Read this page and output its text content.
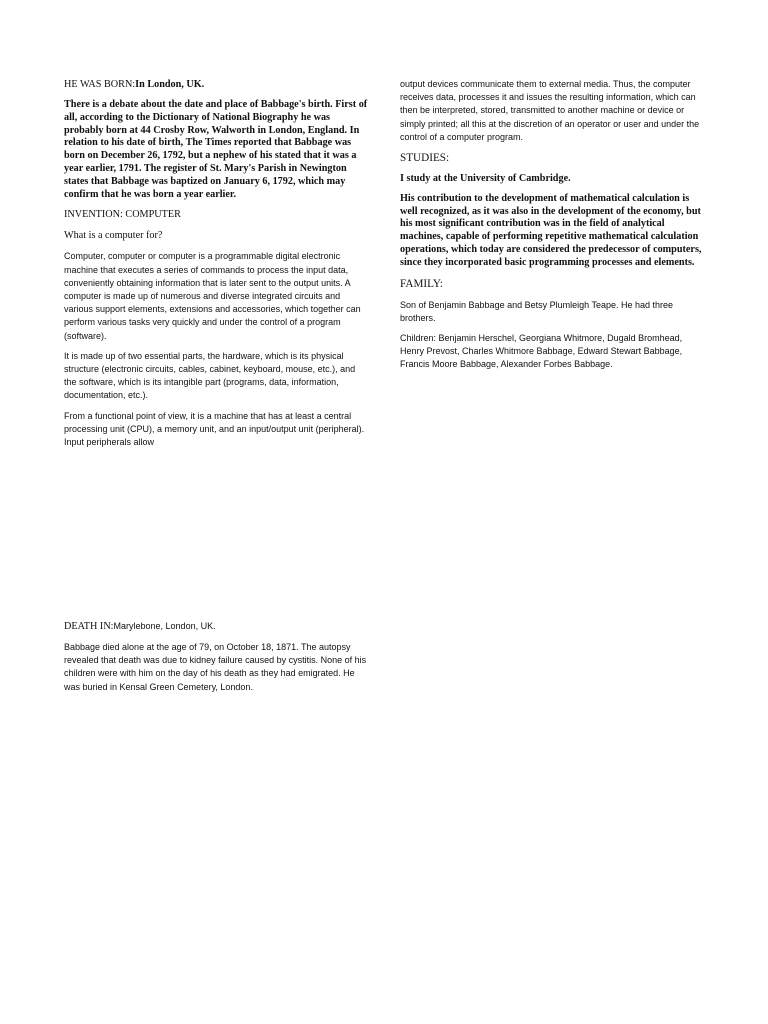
HE WAS BORN:In London, UK.

There is a debate about the date and place of Babbage's birth. First of all, according to the Dictionary of National Biography he was probably born at 44 Crosby Row, Walworth in London, England. In relation to his date of birth, The Times reported that Babbage was born on December 26, 1792, but a nephew of his stated that it was a year earlier, 1791. The register of St. Mary's Parish in Newington states that Babbage was baptized on January 6, 1792, which may confirm that he was born a year earlier.

INVENTION: COMPUTER
What is a computer for?

Computer, computer or computer is a programmable digital electronic machine that executes a series of commands to process the input data, conveniently obtaining information that is later sent to the output units. A computer is made up of numerous and diverse integrated circuits and various support elements, extensions and accessories, which together can perform various tasks very quickly and under the control of a program (software).

It is made up of two essential parts, the hardware, which is its physical structure (electronic circuits, cables, cabinet, keyboard, mouse, etc.), and the software, which is its intangible part (programs, data, information, documentation, etc.).

From a functional point of view, it is a machine that has at least a central processing unit (CPU), a memory unit, and an input/output unit (peripheral). Input peripherals allow

output devices communicate them to external media. Thus, the computer receives data, processes it and issues the resulting information, which can then be interpreted, stored, transmitted to another machine or device or simply printed; all this at the discretion of an operator or user and under the control of a computer program.

STUDIES:

I study at the University of Cambridge.

His contribution to the development of mathematical calculation is well recognized, as it was also in the development of the economy, but his most significant contribution was in the field of analytical machines, capable of performing repetitive mathematical calculation operations, which today are considered the predecessor of computers, since they incorporated basic programming processes and elements.

FAMILY:

Son of Benjamin Babbage and Betsy Plumleigh Teape. He had three brothers.

Children: Benjamin Herschel, Georgiana Whitmore, Dugald Bromhead, Henry Prevost, Charles Whitmore Babbage, Edward Stewart Babbage, Francis Moore Babbage, Alexander Forbes Babbage.

DEATH IN:Marylebone, London, UK.

Babbage died alone at the age of 79, on October 18, 1871. The autopsy revealed that death was due to kidney failure caused by cystitis. None of his children were with him on the day of his death as they had emigrated. He was buried in Kensal Green Cemetery, London.
